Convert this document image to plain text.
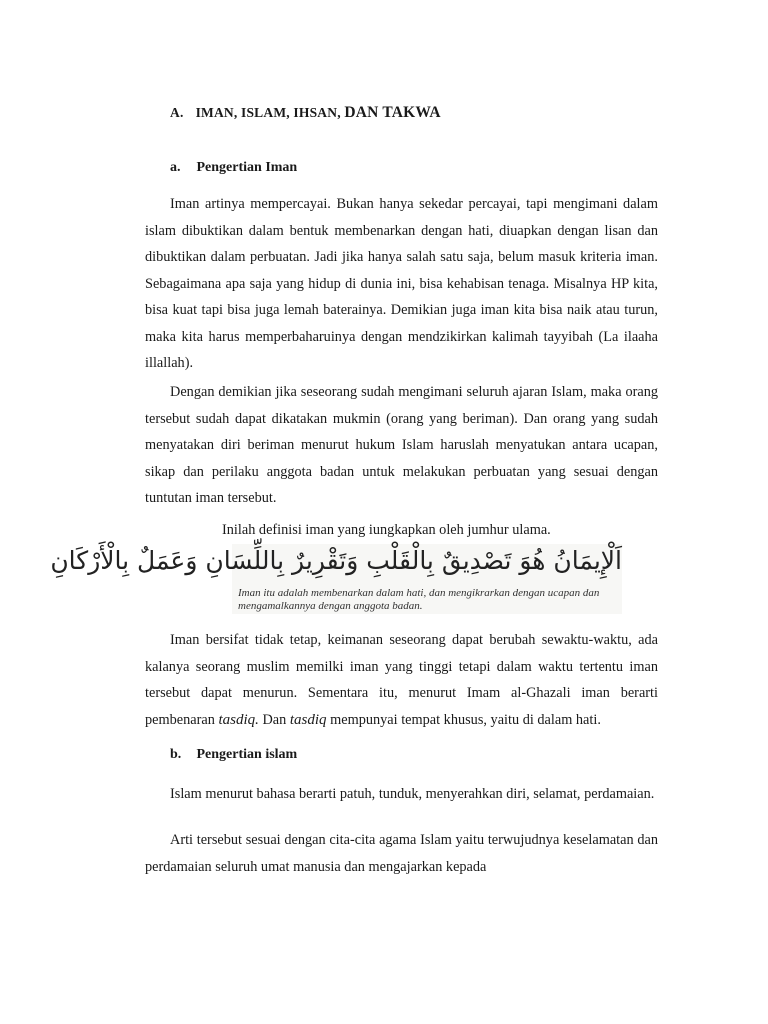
A. IMAN, ISLAM, IHSAN, DAN TAKWA
a. Pengertian Iman
Iman artinya mempercayai. Bukan hanya sekedar percayai, tapi mengimani dalam islam dibuktikan dalam bentuk membenarkan dengan hati, diuapkan dengan lisan dan dibuktikan dalam perbuatan. Jadi jika hanya salah satu saja, belum masuk kriteria iman. Sebagaimana apa saja yang hidup di dunia ini, bisa kehabisan tenaga. Misalnya HP kita, bisa kuat tapi bisa juga lemah baterainya. Demikian juga iman kita bisa naik atau turun, maka kita harus memperbaharuinya dengan mendzikirkan kalimah tayyibah (La ilaaha illallah).
Dengan demikian jika seseorang sudah mengimani seluruh ajaran Islam, maka orang tersebut sudah dapat dikatakan mukmin (orang yang beriman). Dan orang yang sudah menyatakan diri beriman menurut hukum Islam haruslah menyatukan antara ucapan, sikap dan perilaku anggota badan untuk melakukan perbuatan yang sesuai dengan tuntutan iman tersebut.
Inilah definisi iman yang iungkapkan oleh jumhur ulama.
اَلْإِيمَانُ هُوَ تَصْدِيقٌ بِالْقَلْبِ وَتَقْرِيرٌ بِاللِّسَانِ وَعَمَلٌ بِالْأَرْكَانِ
Iman itu adalah membenarkan dalam hati, dan mengikrarkan dengan ucapan dan mengamalkannya dengan anggota badan.
Iman bersifat tidak tetap, keimanan seseorang dapat berubah sewaktu-waktu, ada kalanya seorang muslim memilki iman yang tinggi tetapi dalam waktu tertentu iman tersebut dapat menurun. Sementara itu, menurut Imam al-Ghazali iman berarti pembenaran tasdiq. Dan tasdiq mempunyai tempat khusus, yaitu di dalam hati.
b. Pengertian islam
Islam menurut bahasa berarti patuh, tunduk, menyerahkan diri, selamat, perdamaian.
Arti tersebut sesuai dengan cita-cita agama Islam yaitu terwujudnya keselamatan dan perdamaian seluruh umat manusia dan mengajarkan kepada
